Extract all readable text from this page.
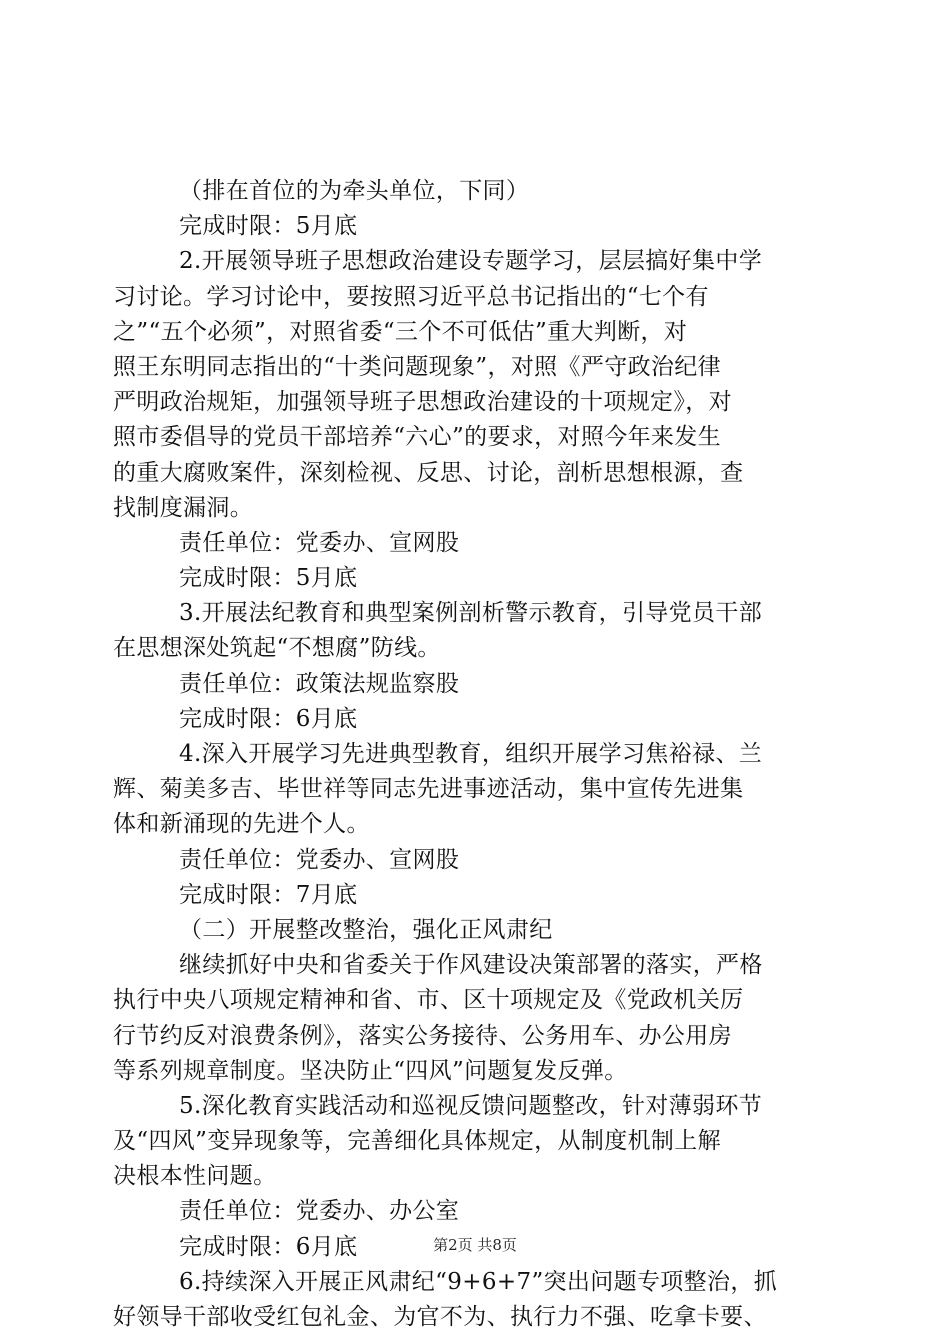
（排在首位的为牵头单位，下同）
完成时限：5月底
2.开展领导班子思想政治建设专题学习，层层搞好集中学
习讨论。学习讨论中，要按照习近平总书记指出的“七个有
之”“五个必须”，对照省委“三个不可低估”重大判断，对
照王东明同志指出的“十类问题现象”，对照《严守政治纪律
严明政治规矩，加强领导班子思想政治建设的十项规定》，对
照市委倡导的党员干部培养“六心”的要求，对照今年来发生
的重大腐败案件，深刻检视、反思、讨论，剖析思想根源，查
找制度漏洞。
责任单位：党委办、宣网股
完成时限：5月底
3.开展法纪教育和典型案例剖析警示教育，引导党员干部
在思想深处筑起“不想腐”防线。
责任单位：政策法规监察股
完成时限：6月底
4.深入开展学习先进典型教育，组织开展学习焦裕禄、兰
辉、菊美多吉、毕世祥等同志先进事迹活动，集中宣传先进集
体和新涌现的先进个人。
责任单位：党委办、宣网股
完成时限：7月底
（二）开展整改整治，强化正风肃纪
继续抓好中央和省委关于作风建设决策部署的落实，严格
执行中央八项规定精神和省、市、区十项规定及《党政机关厉
行节约反对浪费条例》，落实公务接待、公务用车、办公用房
等系列规章制度。坚决防止“四风”问题复发反弹。
5.深化教育实践活动和巡视反馈问题整改，针对薄弱环节
及“四风”变异现象等，完善细化具体规定，从制度机制上解
决根本性问题。
责任单位：党委办、办公室
完成时限：6月底
6.持续深入开展正风肃纪“9+6+7”突出问题专项整治，抓
好领导干部收受红包礼金、为官不为、执行力不强、吃拿卡要、
第2页 共8页
